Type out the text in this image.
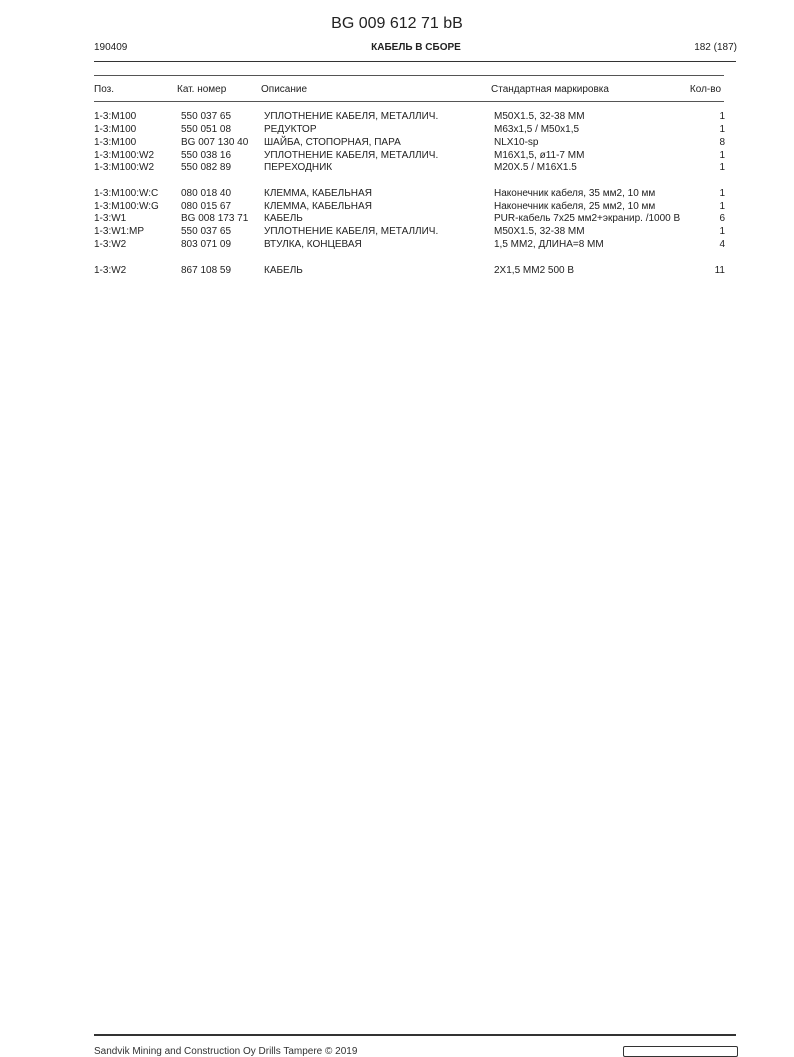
BG 009 612 71 bB
190409	КАБЕЛЬ В СБОРЕ	182 (187)
Поз.	Кат. номер	Описание	Стандартная маркировка	Кол-во
1-3:M100	550 037 65	УПЛОТНЕНИЕ КАБЕЛЯ, МЕТАЛЛИЧ.	M50X1.5, 32-38 MM	1
1-3:M100	550 051 08	РЕДУКТОР	M63x1,5 / M50x1,5	1
1-3:M100	BG 007 130 40 ШАЙБА, СТОПОРНАЯ, ПАРА	NLX10-sp	8
1-3:M100:W2	550 038 16	УПЛОТНЕНИЕ КАБЕЛЯ, МЕТАЛЛИЧ.	M16X1,5, ø11-7 MM	1
1-3:M100:W2	550 082 89	ПЕРЕХОДНИК	M20X.5 / M16X1.5	1
1-3:M100:W:C 080 018 40	КЛЕММА, КАБЕЛЬНАЯ	Наконечник кабеля, 35 мм2, 10 мм	1
1-3:M100:W:G 080 015 67	КЛЕММА, КАБЕЛЬНАЯ	Наконечник кабеля, 25 мм2, 10 мм	1
1-3:W1	BG 008 173 71 КАБЕЛЬ	PUR-кабель 7x25 мм2+экранир. /1000 В	6
1-3:W1:MP	550 037 65	УПЛОТНЕНИЕ КАБЕЛЯ, МЕТАЛЛИЧ.	M50X1.5, 32-38 MM	1
1-3:W2	803 071 09	ВТУЛКА, КОНЦЕВАЯ	1,5 ММ2, ДЛИНА=8 ММ	4
1-3:W2	867 108 59	КАБЕЛЬ	2X1,5 ММ2 500 В	11
Sandvik Mining and Construction Oy Drills Tampere © 2019
